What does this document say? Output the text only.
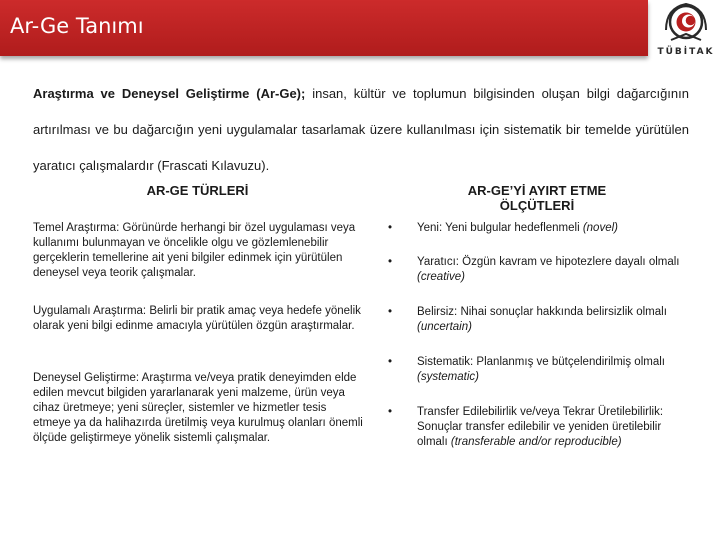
Ar-Ge Tanımı
TÜBİTAK

Araştırma ve Deneysel Geliştirme (Ar-Ge); insan, kültür ve toplumun bilgisinden oluşan bilgi dağarcığının artırılması ve bu dağarcığın yeni uygulamalar tasarlamak üzere kullanılması için sistematik bir temelde yürütülen yaratıcı çalışmalardır (Frascati Kılavuzu).

AR-GE TÜRLERİ	AR-GE’Yİ AYIRT ETME ÖLÇÜTLERİ

Temel Araştırma: Görünürde herhangi bir özel uygulaması veya kullanımı bulunmayan ve öncelikle olgu ve gözlemlenebilir gerçeklerin temellerine ait yeni bilgiler edinmek için yürütülen deneysel veya teorik çalışmalar.

Uygulamalı Araştırma: Belirli bir pratik amaç veya hedefe yönelik olarak yeni bilgi edinme amacıyla yürütülen özgün araştırmalar.

Deneysel Geliştirme: Araştırma ve/veya pratik deneyimden elde edilen mevcut bilgiden yararlanarak yeni malzeme, ürün veya cihaz üretmeye; yeni süreçler, sistemler ve hizmetler tesis etmeye ya da halihazırda üretilmiş veya kurulmuş olanları önemli ölçüde geliştirmeye yönelik sistemli çalışmalar.

•	Yeni: Yeni bulgular hedeflenmeli (novel)
•	Yaratıcı: Özgün kavram ve hipotezlere dayalı olmalı (creative)
•	Belirsiz: Nihai sonuçlar hakkında belirsizlik olmalı (uncertain)
•	Sistematik: Planlanmış ve bütçelendirilmiş olmalı (systematic)
•	Transfer Edilebilirlik ve/veya Tekrar Üretilebilirlik: Sonuçlar transfer edilebilir ve yeniden üretilebilir olmalı (transferable and/or reproducible)
